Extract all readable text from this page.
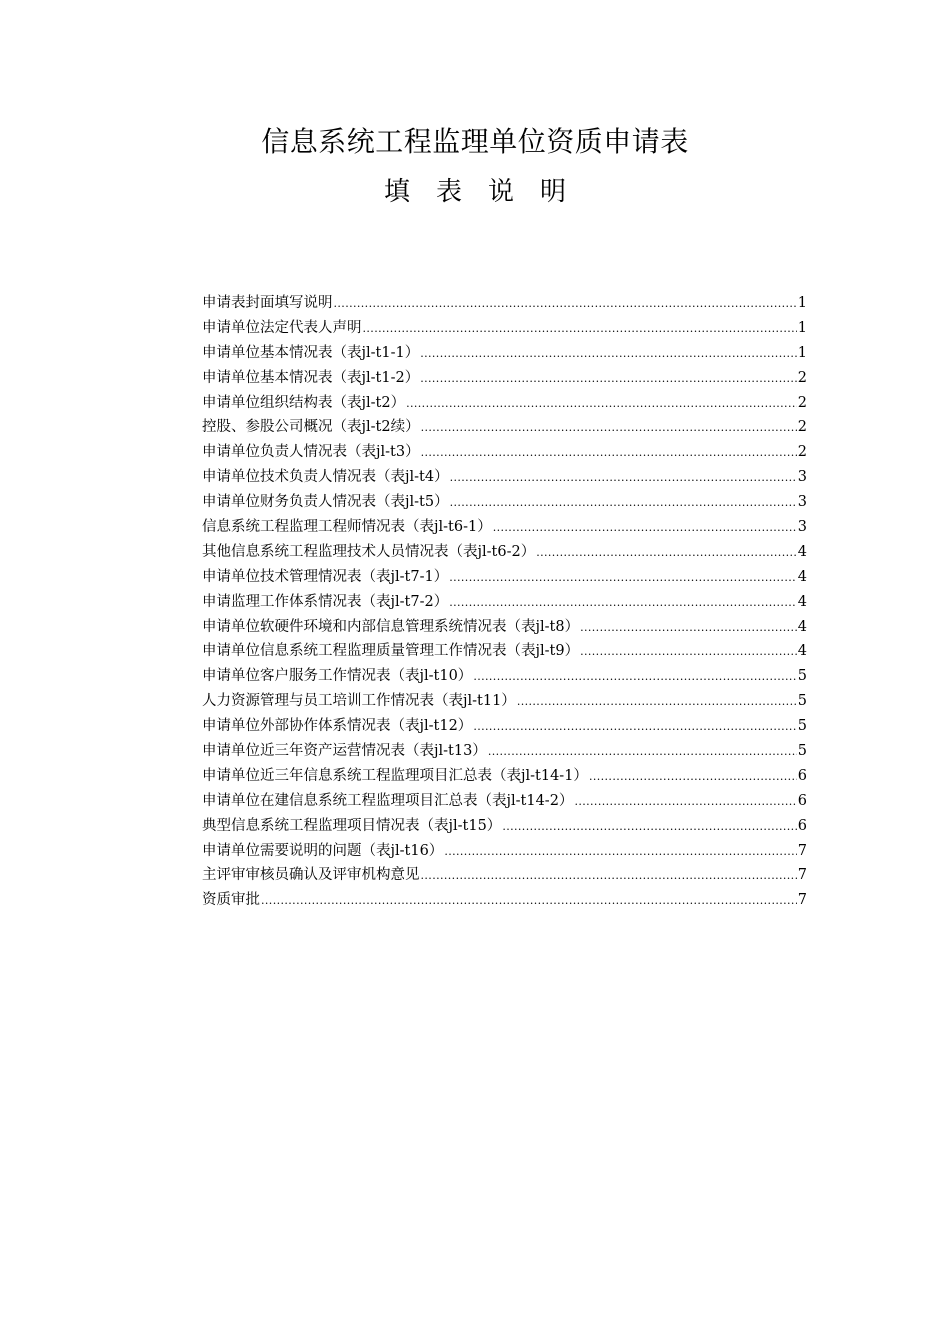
信息系统工程监理单位资质申请表
填表说明
申请表封面填写说明 .....	1
申请单位法定代表人声明 .....	1
申请单位基本情况表（表jl-t1-1） .....	1
申请单位基本情况表（表jl-t1-2） .....	2
申请单位组织结构表（表jl-t2） .....	2
控股、参股公司概况（表jl-t2续） .....	2
申请单位负责人情况表（表jl-t3） .....	2
申请单位技术负责人情况表（表jl-t4） .....	3
申请单位财务负责人情况表（表jl-t5） .....	3
信息系统工程监理工程师情况表（表jl-t6-1） .....	3
其他信息系统工程监理技术人员情况表（表jl-t6-2） .....	4
申请单位技术管理情况表（表jl-t7-1） .....	4
申请监理工作体系情况表（表jl-t7-2） .....	4
申请单位软硬件环境和内部信息管理系统情况表（表jl-t8） .....	4
申请单位信息系统工程监理质量管理工作情况表（表jl-t9） .....	4
申请单位客户服务工作情况表（表jl-t10） .....	5
人力资源管理与员工培训工作情况表（表jl-t11） .....	5
申请单位外部协作体系情况表（表jl-t12） .....	5
申请单位近三年资产运营情况表（表jl-t13） .....	5
申请单位近三年信息系统工程监理项目汇总表（表jl-t14-1） .....	6
申请单位在建信息系统工程监理项目汇总表（表jl-t14-2） .....	6
典型信息系统工程监理项目情况表（表jl-t15） .....	6
申请单位需要说明的问题（表jl-t16） .....	7
主评审审核员确认及评审机构意见 .....	7
资质审批 .....	7
